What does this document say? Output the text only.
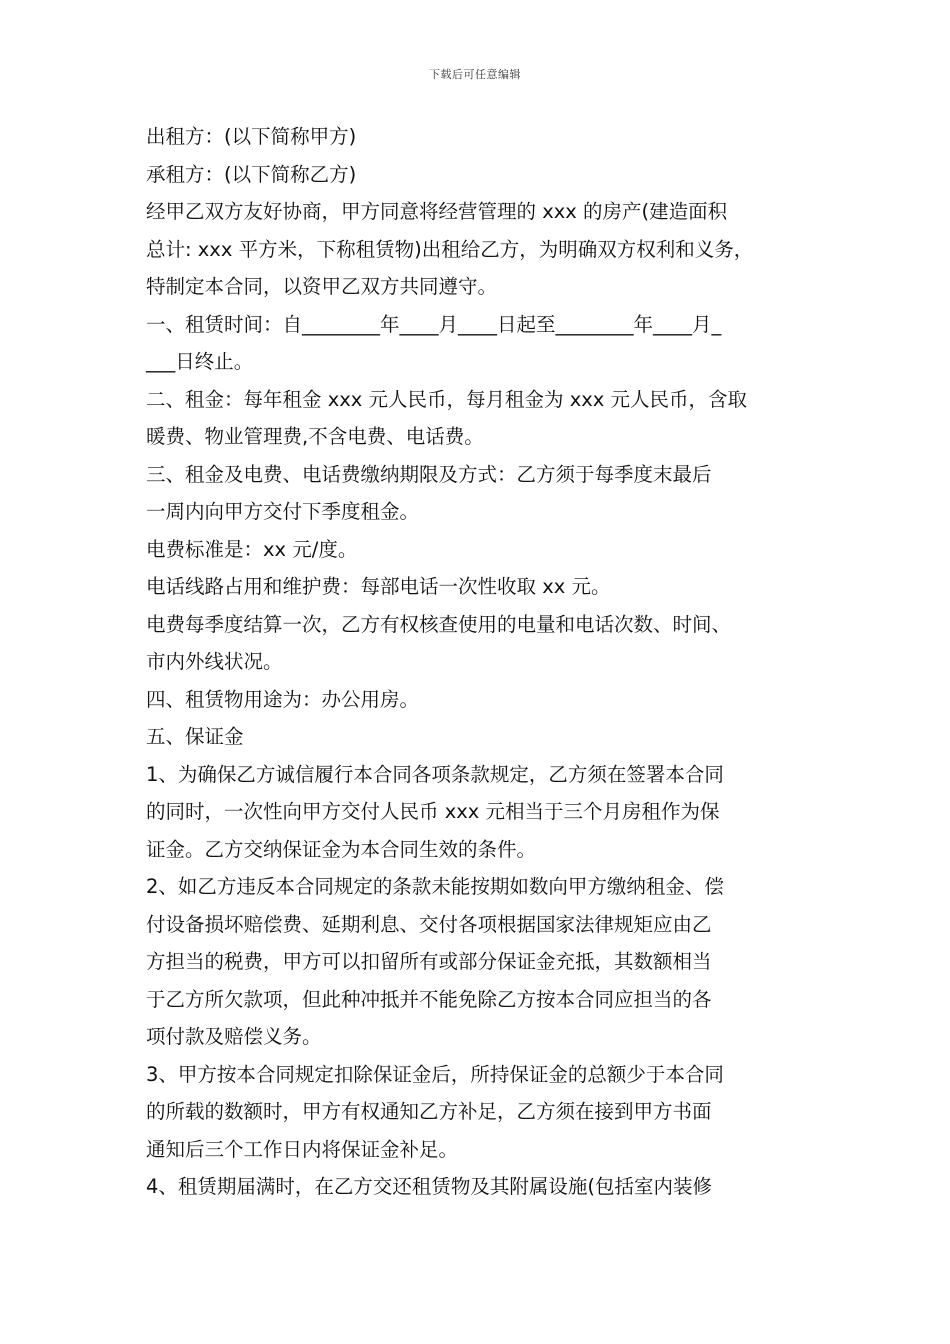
下载后可任意编辑

出租方：(以下简称甲方)

承租方：(以下简称乙方)

经甲乙双方友好协商，甲方同意将经营管理的 xxx 的房产(建造面积

总计: xxx 平方米，下称租赁物)出租给乙方，为明确双方权利和义务，

特制定本合同，以资甲乙双方共同遵守。

一、租赁时间：自________年____月____日起至________年____月_

___日终止。

二、租金：每年租金 xxx 元人民币，每月租金为 xxx 元人民币，含取

暖费、物业管理费,不含电费、电话费。

三、租金及电费、电话费缴纳期限及方式：乙方须于每季度末最后

一周内向甲方交付下季度租金。

电费标准是：xx 元/度。

电话线路占用和维护费：每部电话一次性收取 xx 元。

电费每季度结算一次，乙方有权核查使用的电量和电话次数、时间、

市内外线状况。

四、租赁物用途为：办公用房。

五、保证金

1、为确保乙方诚信履行本合同各项条款规定，乙方须在签署本合同

的同时，一次性向甲方交付人民币 xxx 元相当于三个月房租作为保

证金。乙方交纳保证金为本合同生效的条件。

2、如乙方违反本合同规定的条款未能按期如数向甲方缴纳租金、偿

付设备损坏赔偿费、延期利息、交付各项根据国家法律规矩应由乙

方担当的税费，甲方可以扣留所有或部分保证金充抵，其数额相当

于乙方所欠款项，但此种冲抵并不能免除乙方按本合同应担当的各

项付款及赔偿义务。

3、甲方按本合同规定扣除保证金后，所持保证金的总额少于本合同

的所载的数额时，甲方有权通知乙方补足，乙方须在接到甲方书面

通知后三个工作日内将保证金补足。

4、租赁期届满时，在乙方交还租赁物及其附属设施(包括室内装修
